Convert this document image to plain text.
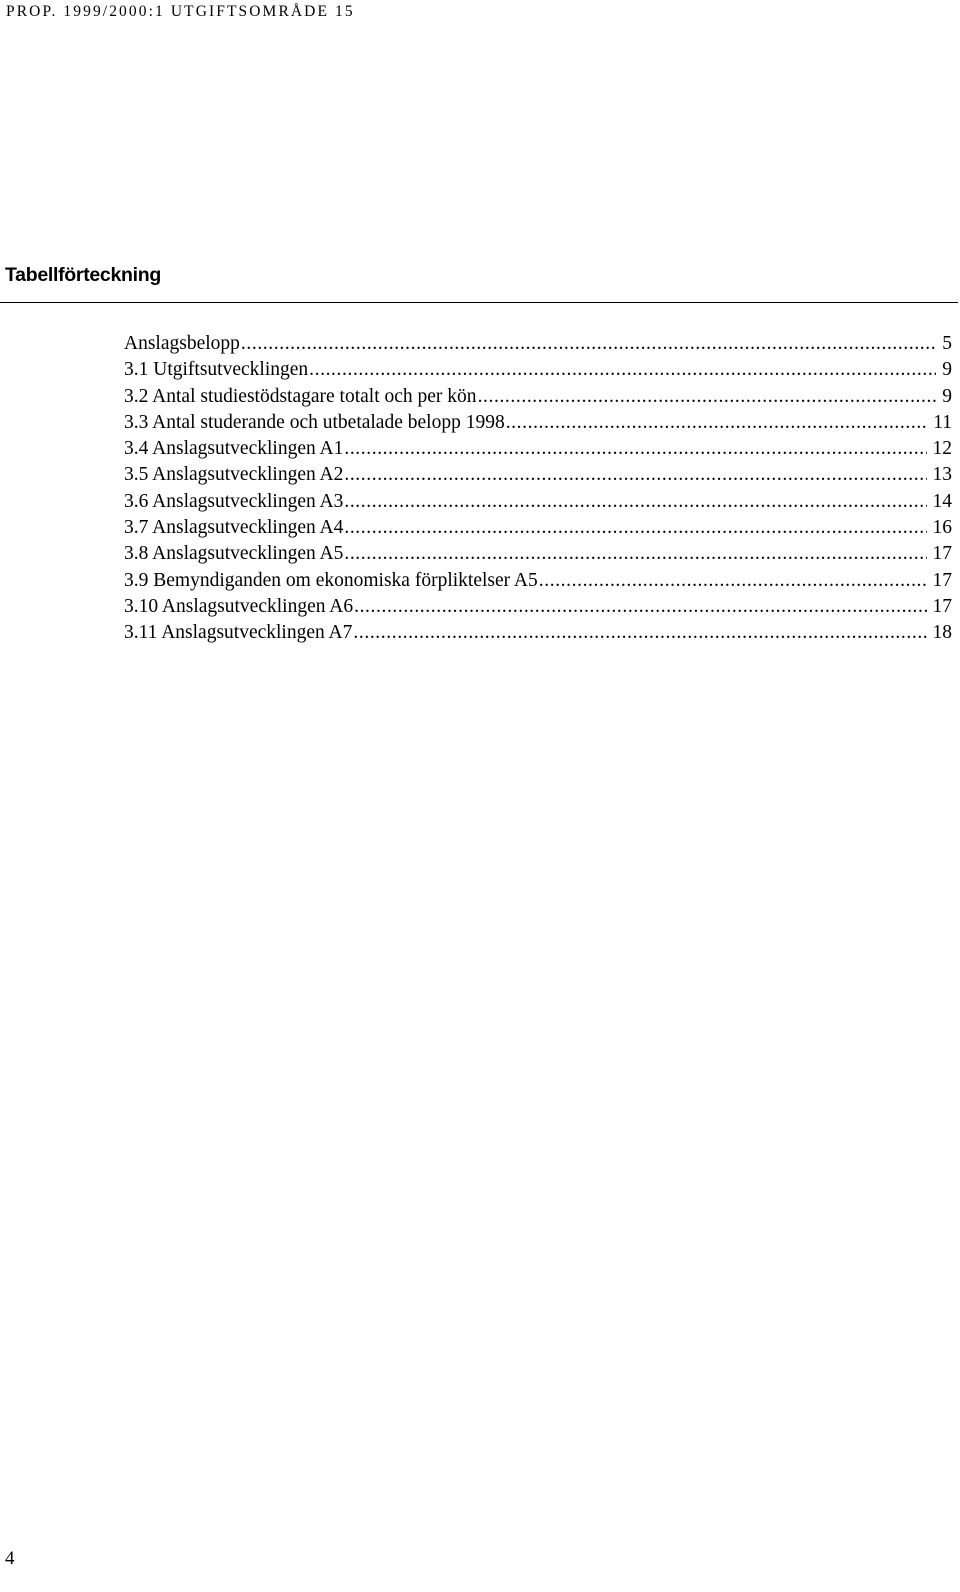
PROP. 1999/2000:1 UTGIFTSOMRÅDE 15
Tabellförteckning
Anslagsbelopp .....	5
3.1 Utgiftsutvecklingen .....	9
3.2 Antal studiestödstagare totalt och per kön .....	9
3.3 Antal studerande och utbetalade belopp 1998 .....	11
3.4 Anslagsutvecklingen A1 .....	12
3.5 Anslagsutvecklingen A2 .....	13
3.6 Anslagsutvecklingen A3 .....	14
3.7 Anslagsutvecklingen A4 .....	16
3.8 Anslagsutvecklingen A5 .....	17
3.9 Bemyndiganden om ekonomiska förpliktelser A5 .....	17
3.10 Anslagsutvecklingen A6 .....	17
3.11 Anslagsutvecklingen A7 .....	18
4
